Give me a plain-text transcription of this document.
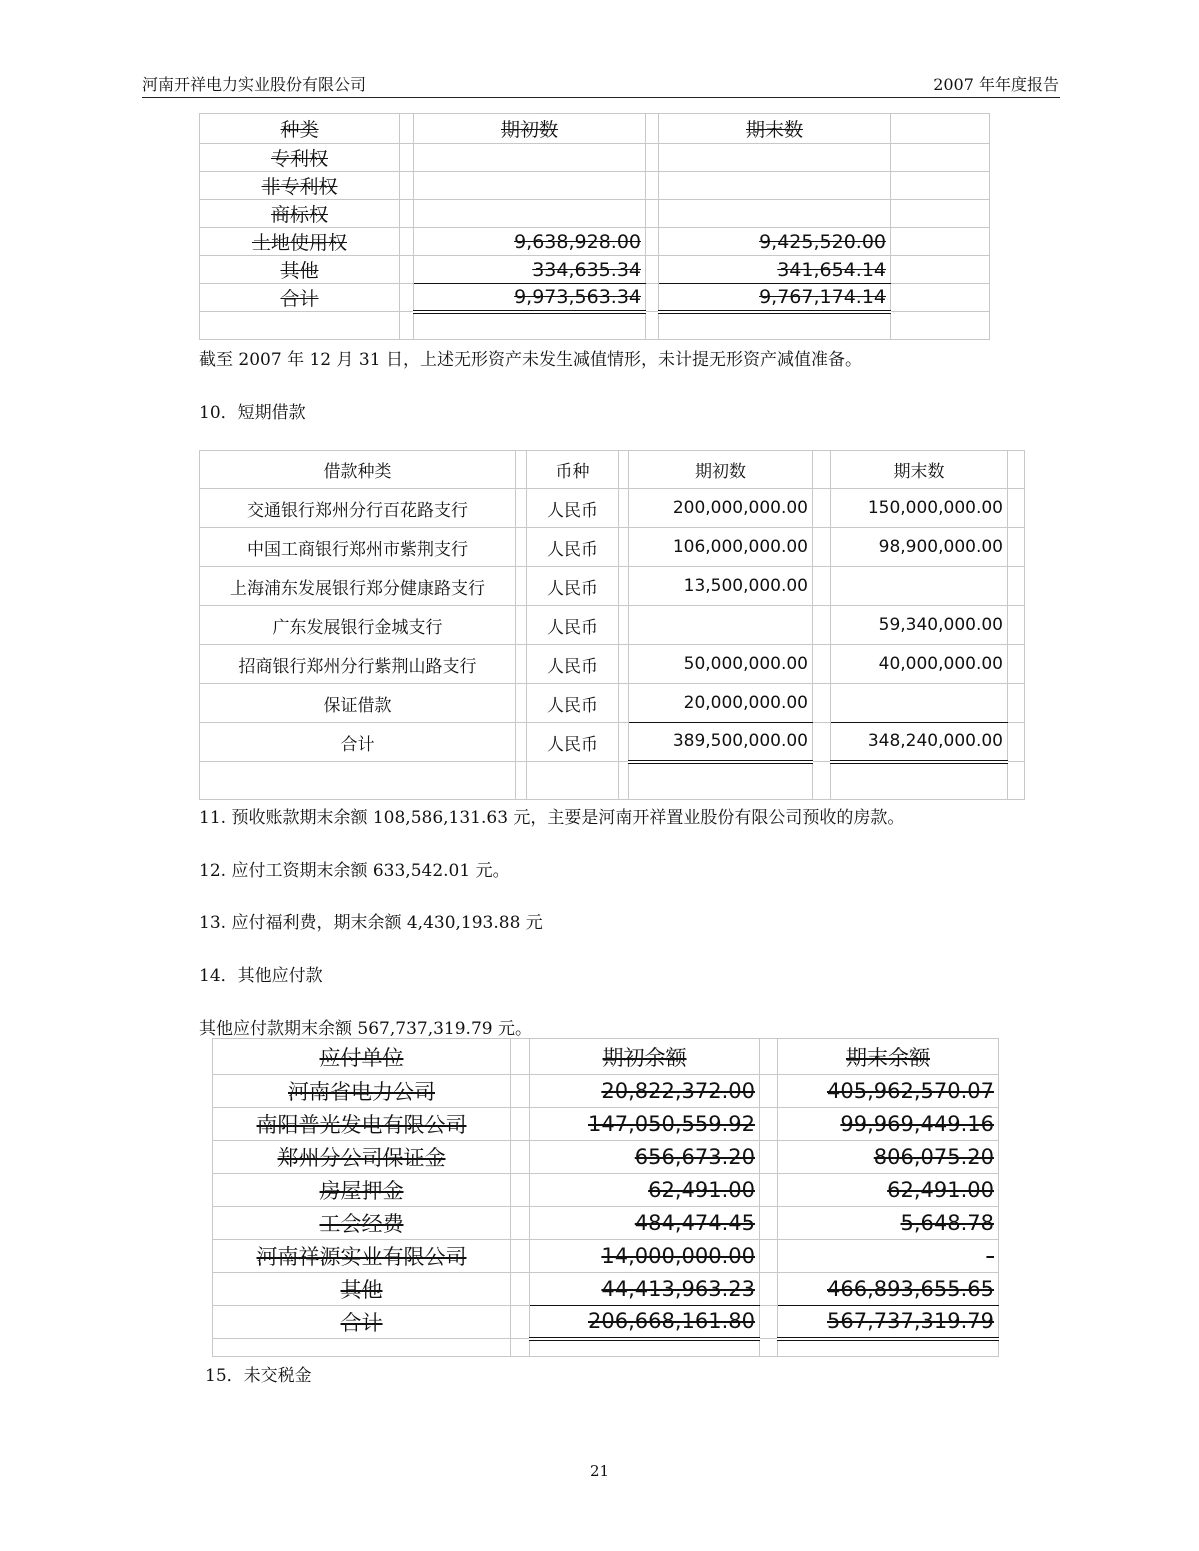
河南开祥电力实业股份有限公司	2007 年年度报告
种类		期初数		期末数	
专利权					
非专利权					
商标权					
土地使用权		9,638,928.00		9,425,520.00	
其他		334,635.34		341,654.14	
合计		9,973,563.34		9,767,174.14	

截至 2007 年 12 月 31 日，上述无形资产未发生减值情形，未计提无形资产减值准备。
10．短期借款
借款种类		币种		期初数		期末数	
交通银行郑州分行百花路支行		人民币		200,000,000.00		150,000,000.00	
中国工商银行郑州市紫荆支行		人民币		106,000,000.00		98,900,000.00	
上海浦东发展银行郑分健康路支行		人民币		13,500,000.00			
广东发展银行金城支行		人民币				59,340,000.00	
招商银行郑州分行紫荆山路支行		人民币		50,000,000.00		40,000,000.00	
保证借款		人民币		20,000,000.00			
合计		人民币		389,500,000.00		348,240,000.00	

11. 预收账款期末余额 108,586,131.63 元，主要是河南开祥置业股份有限公司预收的房款。
12. 应付工资期末余额 633,542.01 元。
13. 应付福利费，期末余额 4,430,193.88 元
14．其他应付款
其他应付款期末余额 567,737,319.79 元。
应付单位		期初余额		期末余额
河南省电力公司		20,822,372.00		405,962,570.07
南阳普光发电有限公司		147,050,559.92		99,969,449.16
郑州分公司保证金		656,673.20		806,075.20
房屋押金		62,491.00		62,491.00
工会经费		484,474.45		5,648.78
河南祥源实业有限公司		14,000,000.00		-
其他		44,413,963.23		466,893,655.65
合计		206,668,161.80		567,737,319.79

15．未交税金
21
